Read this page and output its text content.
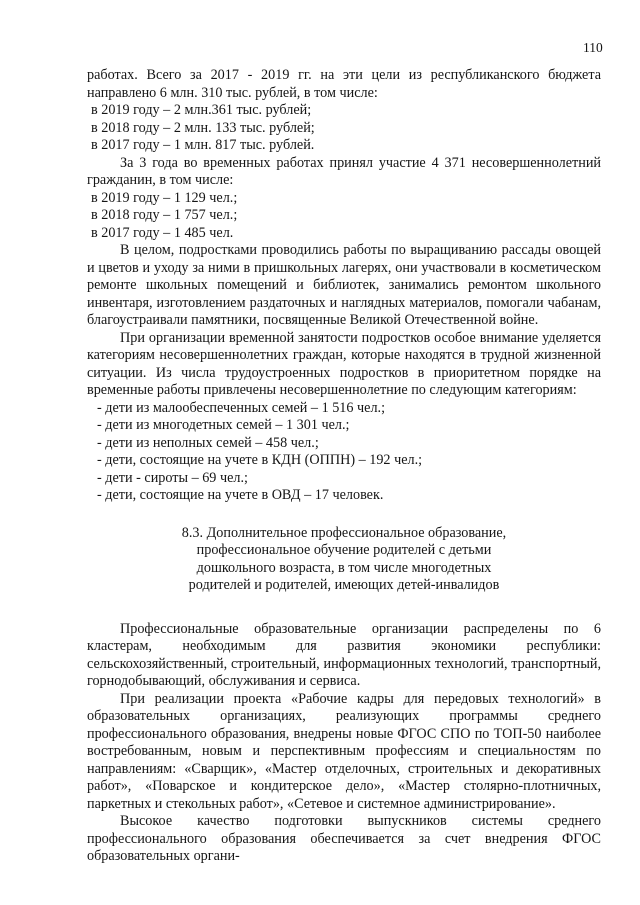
110

работах. Всего за 2017 - 2019 гг. на эти цели из республиканского бюджета направлено 6 млн. 310 тыс. рублей, в том числе:

в 2019 году – 2 млн.361 тыс. рублей;

в 2018 году – 2 млн. 133 тыс. рублей;

в 2017 году – 1 млн. 817 тыс. рублей.

За 3 года во временных работах принял участие 4 371 несовершеннолетний гражданин, в том числе:

в 2019 году – 1 129 чел.;

в 2018 году – 1 757 чел.;

в 2017 году – 1 485 чел.

В целом, подростками проводились работы по выращиванию рассады овощей и цветов и уходу за ними в пришкольных лагерях, они участвовали в косметическом ремонте школьных помещений и библиотек, занимались ремонтом школьного инвентаря, изготовлением раздаточных и наглядных материалов, помогали чабанам, благоустраивали памятники, посвященные Великой Отечественной войне.

При организации временной занятости подростков особое внимание уделяется категориям несовершеннолетних граждан, которые находятся в трудной жизненной ситуации. Из числа трудоустроенных подростков в приоритетном порядке на временные работы привлечены несовершеннолетние по следующим категориям:

- дети из малообеспеченных семей – 1 516 чел.;

- дети из многодетных семей – 1 301 чел.;

- дети из неполных семей – 458 чел.;

- дети, состоящие на учете в КДН (ОППН) – 192 чел.;

- дети - сироты – 69 чел.;

- дети, состоящие на учете в ОВД – 17 человек.

8.3. Дополнительное профессиональное образование,
профессиональное обучение родителей с детьми
дошкольного возраста, в том числе многодетных
родителей и родителей, имеющих детей-инвалидов

Профессиональные образовательные организации распределены по 6 кластерам, необходимым для развития экономики республики: сельскохозяйственный, строительный, информационных технологий, транспортный, горнодобывающий, обслуживания и сервиса.

При реализации проекта «Рабочие кадры для передовых технологий» в образовательных организациях, реализующих программы среднего профессионального образования, внедрены новые ФГОС СПО по ТОП-50 наиболее востребованным, новым и перспективным профессиям и специальностям по направлениям: «Сварщик», «Мастер отделочных, строительных и декоративных работ», «Поварское и кондитерское дело», «Мастер столярно-плотничных, паркетных и стекольных работ», «Сетевое и системное администрирование».

Высокое качество подготовки выпускников системы среднего профессионального образования обеспечивается за счет внедрения ФГОС образовательных органи-
